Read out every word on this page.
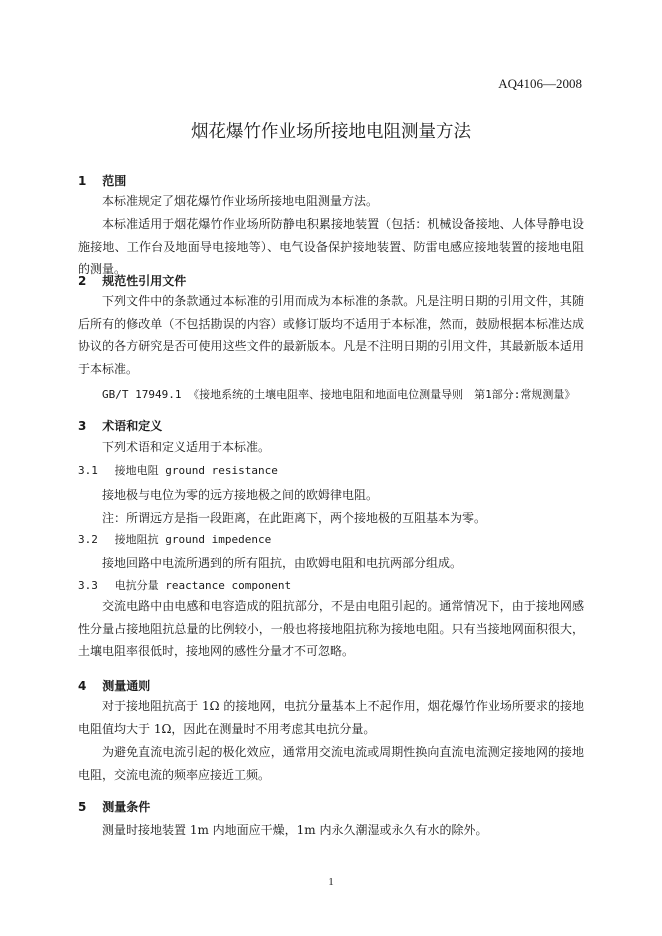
AQ4106—2008
烟花爆竹作业场所接地电阻测量方法
1 范围
本标准规定了烟花爆竹作业场所接地电阻测量方法。
本标准适用于烟花爆竹作业场所防静电积累接地装置（包括：机械设备接地、人体导静电设施接地、工作台及地面导电接地等）、电气设备保护接地装置、防雷电感应接地装置的接地电阻的测量。
2 规范性引用文件
下列文件中的条款通过本标准的引用而成为本标准的条款。凡是注明日期的引用文件，其随后所有的修改单（不包括勘误的内容）或修订版均不适用于本标准，然而，鼓励根据本标准达成协议的各方研究是否可使用这些文件的最新版本。凡是不注明日期的引用文件，其最新版本适用于本标准。
GB/T 17949.1 《接地系统的土壤电阻率、接地电阻和地面电位测量导则　第1部分:常规测量》
3 术语和定义
下列术语和定义适用于本标准。
3.1 接地电阻 ground resistance
接地极与电位为零的远方接地极之间的欧姆律电阻。
注：所谓远方是指一段距离，在此距离下，两个接地极的互阻基本为零。
3.2 接地阻抗 ground impedence
接地回路中电流所遇到的所有阻抗，由欧姆电阻和电抗两部分组成。
3.3 电抗分量 reactance component
交流电路中由电感和电容造成的阻抗部分，不是由电阻引起的。通常情况下，由于接地网感性分量占接地阻抗总量的比例较小，一般也将接地阻抗称为接地电阻。只有当接地网面积很大，土壤电阻率很低时，接地网的感性分量才不可忽略。
4 测量通则
对于接地阻抗高于 1Ω 的接地网，电抗分量基本上不起作用，烟花爆竹作业场所要求的接地电阻值均大于 1Ω，因此在测量时不用考虑其电抗分量。
为避免直流电流引起的极化效应，通常用交流电流或周期性换向直流电流测定接地网的接地电阻，交流电流的频率应接近工频。
5 测量条件
测量时接地装置 1m 内地面应干燥，1m 内永久潮湿或永久有水的除外。
1
